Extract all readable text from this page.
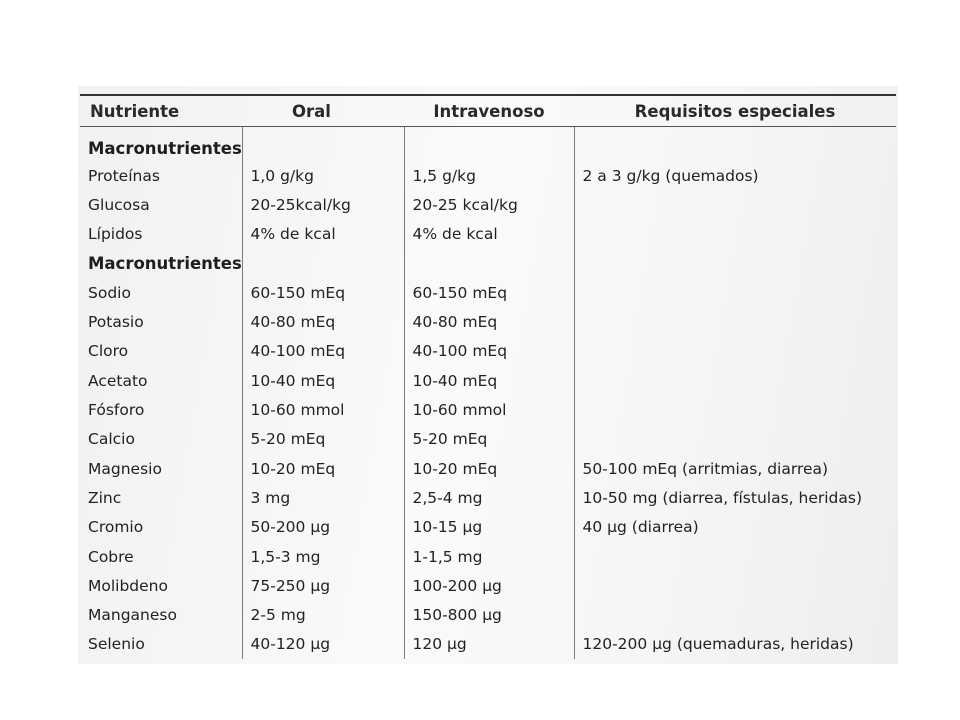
Nutriente	Oral	Intravenoso	Requisitos especiales
Macronutrientes			
Proteínas	1,0 g/kg	1,5 g/kg	2 a 3 g/kg (quemados)
Glucosa	20-25kcal/kg	20-25 kcal/kg	
Lípidos	4% de kcal	4% de kcal	
Macronutrientes			
Sodio	60-150 mEq	60-150 mEq	
Potasio	40-80 mEq	40-80 mEq	
Cloro	40-100 mEq	40-100 mEq	
Acetato	10-40 mEq	10-40 mEq	
Fósforo	10-60 mmol	10-60 mmol	
Calcio	5-20 mEq	5-20 mEq	
Magnesio	10-20 mEq	10-20 mEq	50-100 mEq (arritmias, diarrea)
Zinc	3 mg	2,5-4 mg	10-50 mg (diarrea, fístulas, heridas)
Cromio	50-200 µg	10-15 µg	40 µg (diarrea)
Cobre	1,5-3 mg	1-1,5 mg	
Molibdeno	75-250 µg	100-200 µg	
Manganeso	2-5 mg	150-800 µg	
Selenio	40-120 µg	120 µg	120-200 µg (quemaduras, heridas)
